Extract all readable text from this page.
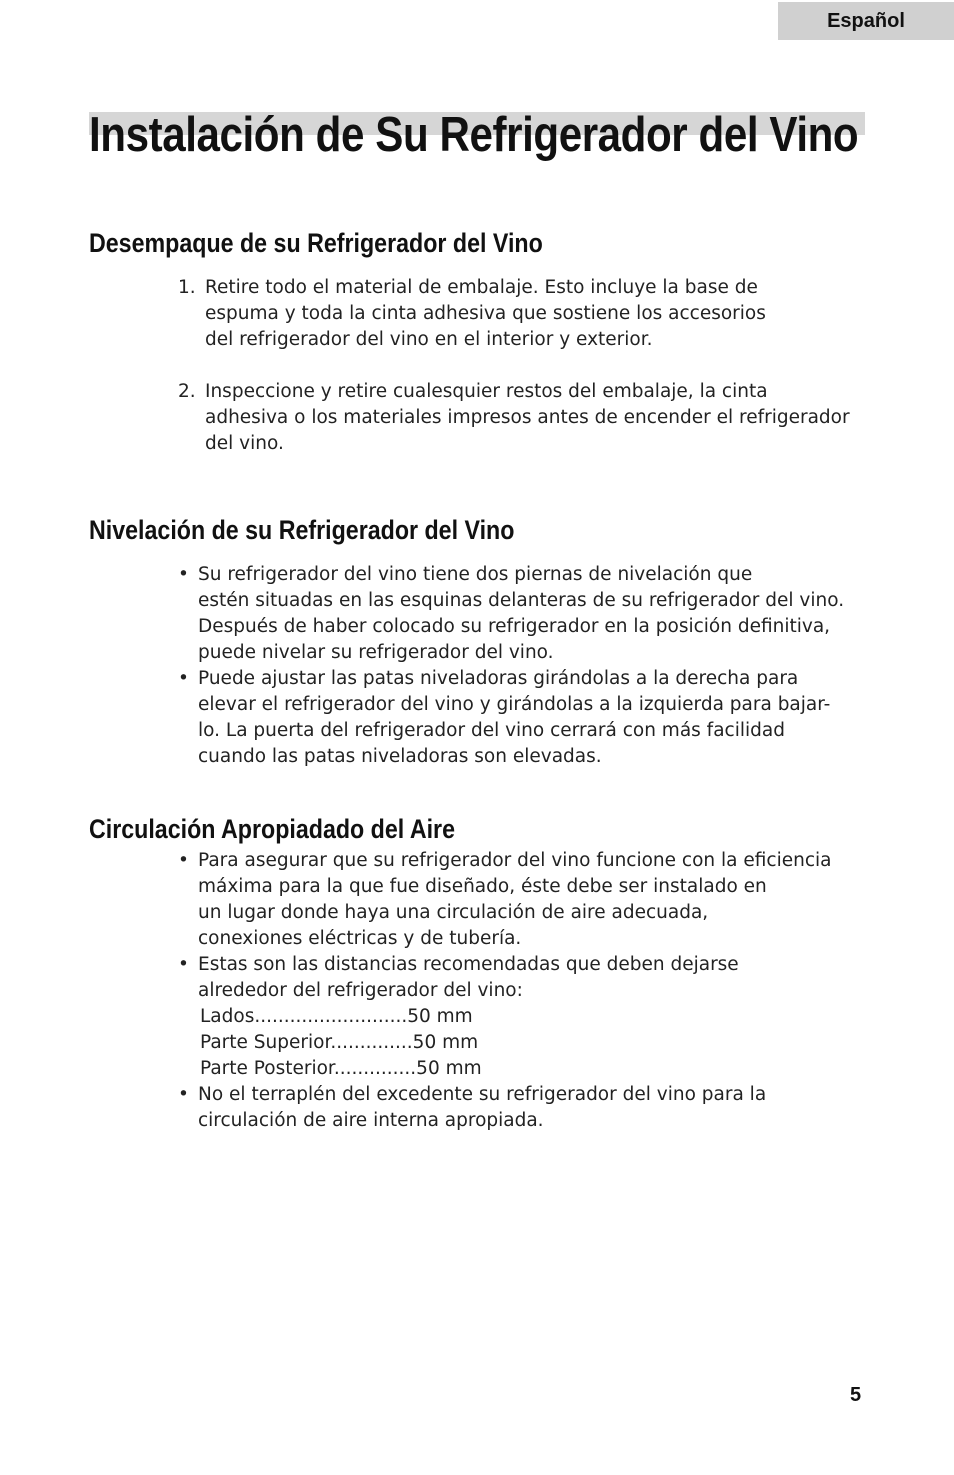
Español
Instalación de Su Refrigerador del Vino
Desempaque de su Refrigerador del Vino
1. Retire todo el material de embalaje. Esto incluye la base de
espuma y toda la cinta adhesiva que sostiene los accesorios
del refrigerador del vino en el interior y exterior.
2. Inspeccione y retire cualesquier restos del embalaje, la cinta
adhesiva o los materiales impresos antes de encender el refrigerador
del vino.
Nivelación de su Refrigerador del Vino
• Su refrigerador del vino tiene dos piernas de nivelación que
estén situadas en las esquinas delanteras de su refrigerador del vino.
Después de haber colocado su refrigerador en la posición definitiva,
puede nivelar su refrigerador del vino.
• Puede ajustar las patas niveladoras girándolas a la derecha para
elevar el refrigerador del vino y girándolas a la izquierda para bajar-
lo. La puerta del refrigerador del vino cerrará con más facilidad
cuando las patas niveladoras son elevadas.
Circulación Apropiadado del Aire
• Para asegurar que su refrigerador del vino funcione con la eficiencia
máxima para la que fue diseñado, éste debe ser instalado en
un lugar donde haya una circulación de aire adecuada,
conexiones eléctricas y de tubería.
• Estas son las distancias recomendadas que deben dejarse
alrededor del refrigerador del vino:
Lados..........................50 mm
Parte Superior..............50 mm
Parte Posterior..............50 mm
• No el terraplén del excedente su refrigerador del vino para la
circulación de aire interna apropiada.
5
